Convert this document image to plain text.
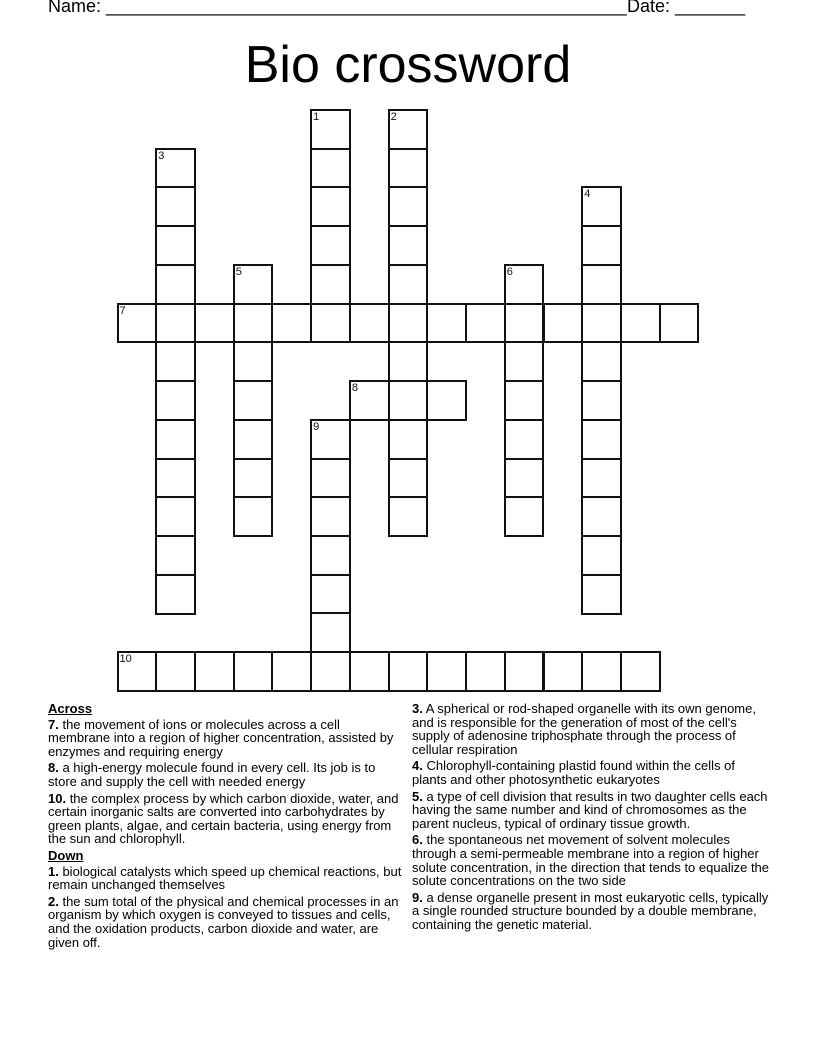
Name: ____________________________________________________ Date: _______
Bio crossword
1	2
3
4
5	6
7
8
9
10
Across
7. the movement of ions or molecules across a cell membrane into a region of higher concentration, assisted by enzymes and requiring energy
8. a high-energy molecule found in every cell. Its job is to store and supply the cell with needed energy
10. the complex process by which carbon dioxide, water, and certain inorganic salts are converted into carbohydrates by green plants, algae, and certain bacteria, using energy from the sun and chlorophyll.
Down
1. biological catalysts which speed up chemical reactions, but remain unchanged themselves
2. the sum total of the physical and chemical processes in an organism by which oxygen is conveyed to tissues and cells, and the oxidation products, carbon dioxide and water, are given off.
3. A spherical or rod-shaped organelle with its own genome, and is responsible for the generation of most of the cell's supply of adenosine triphosphate through the process of cellular respiration
4. Chlorophyll-containing plastid found within the cells of plants and other photosynthetic eukaryotes
5. a type of cell division that results in two daughter cells each having the same number and kind of chromosomes as the parent nucleus, typical of ordinary tissue growth.
6. the spontaneous net movement of solvent molecules through a semi-permeable membrane into a region of higher solute concentration, in the direction that tends to equalize the solute concentrations on the two side
9. a dense organelle present in most eukaryotic cells, typically a single rounded structure bounded by a double membrane, containing the genetic material.
